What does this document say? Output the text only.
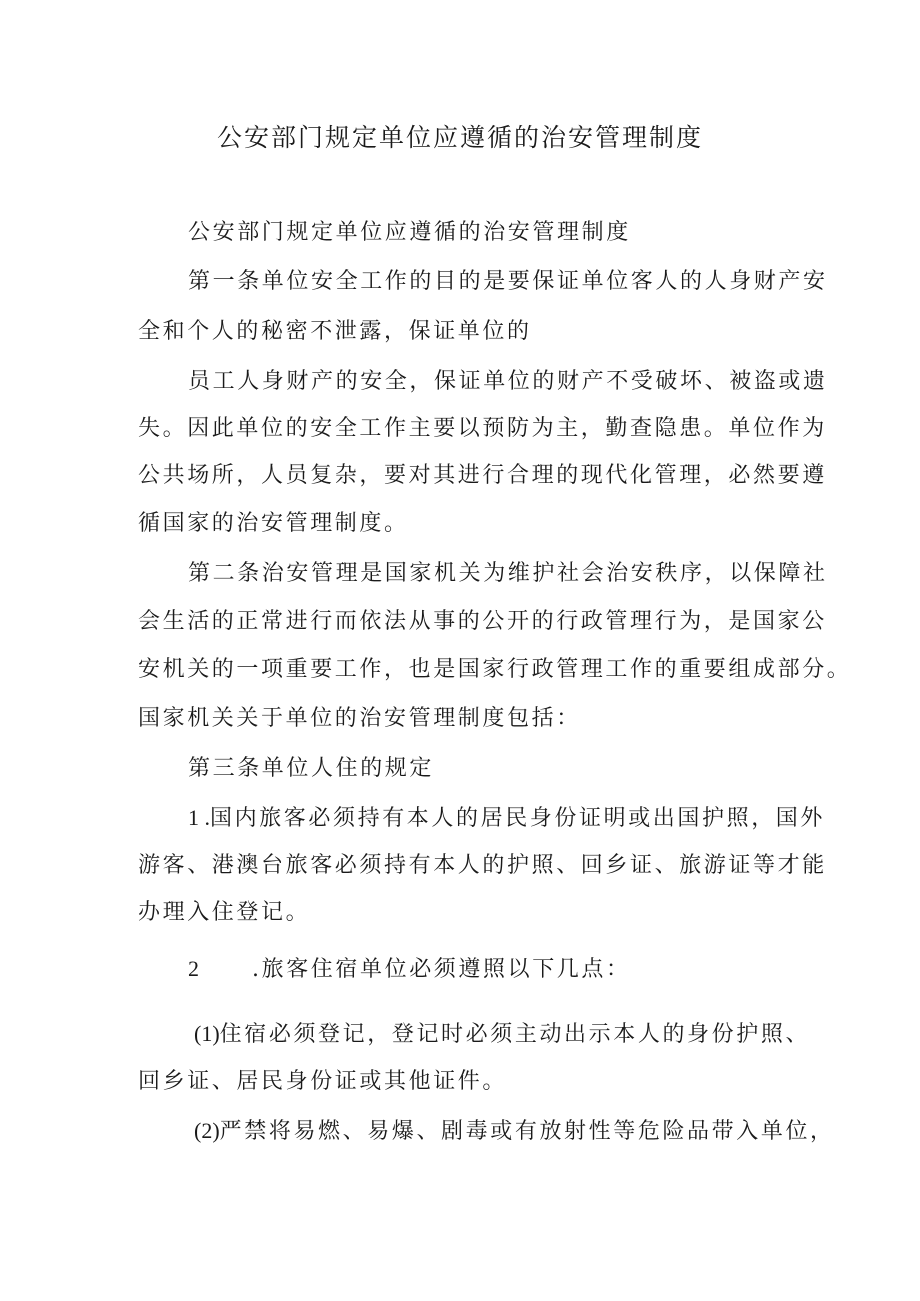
公安部门规定单位应遵循的治安管理制度
公安部门规定单位应遵循的治安管理制度
第一条单位安全工作的目的是要保证单位客人的人身财产安
全和个人的秘密不泄露，保证单位的
员工人身财产的安全，保证单位的财产不受破坏、被盗或遗
失。因此单位的安全工作主要以预防为主，勤查隐患。单位作为
公共场所，人员复杂，要对其进行合理的现代化管理，必然要遵
循国家的治安管理制度。
第二条治安管理是国家机关为维护社会治安秩序，以保障社
会生活的正常进行而依法从事的公开的行政管理行为，是国家公
安机关的一项重要工作，也是国家行政管理工作的重要组成部分。
国家机关关于单位的治安管理制度包括：
第三条单位人住的规定
1 .国内旅客必须持有本人的居民身份证明或出国护照，国外
游客、港澳台旅客必须持有本人的护照、回乡证、旅游证等才能
办理入住登记。
2 .旅客住宿单位必须遵照以下几点：
(1)住宿必须登记，登记时必须主动出示本人的身份护照、
回乡证、居民身份证或其他证件。
(2)严禁将易燃、易爆、剧毒或有放射性等危险品带入单位，
